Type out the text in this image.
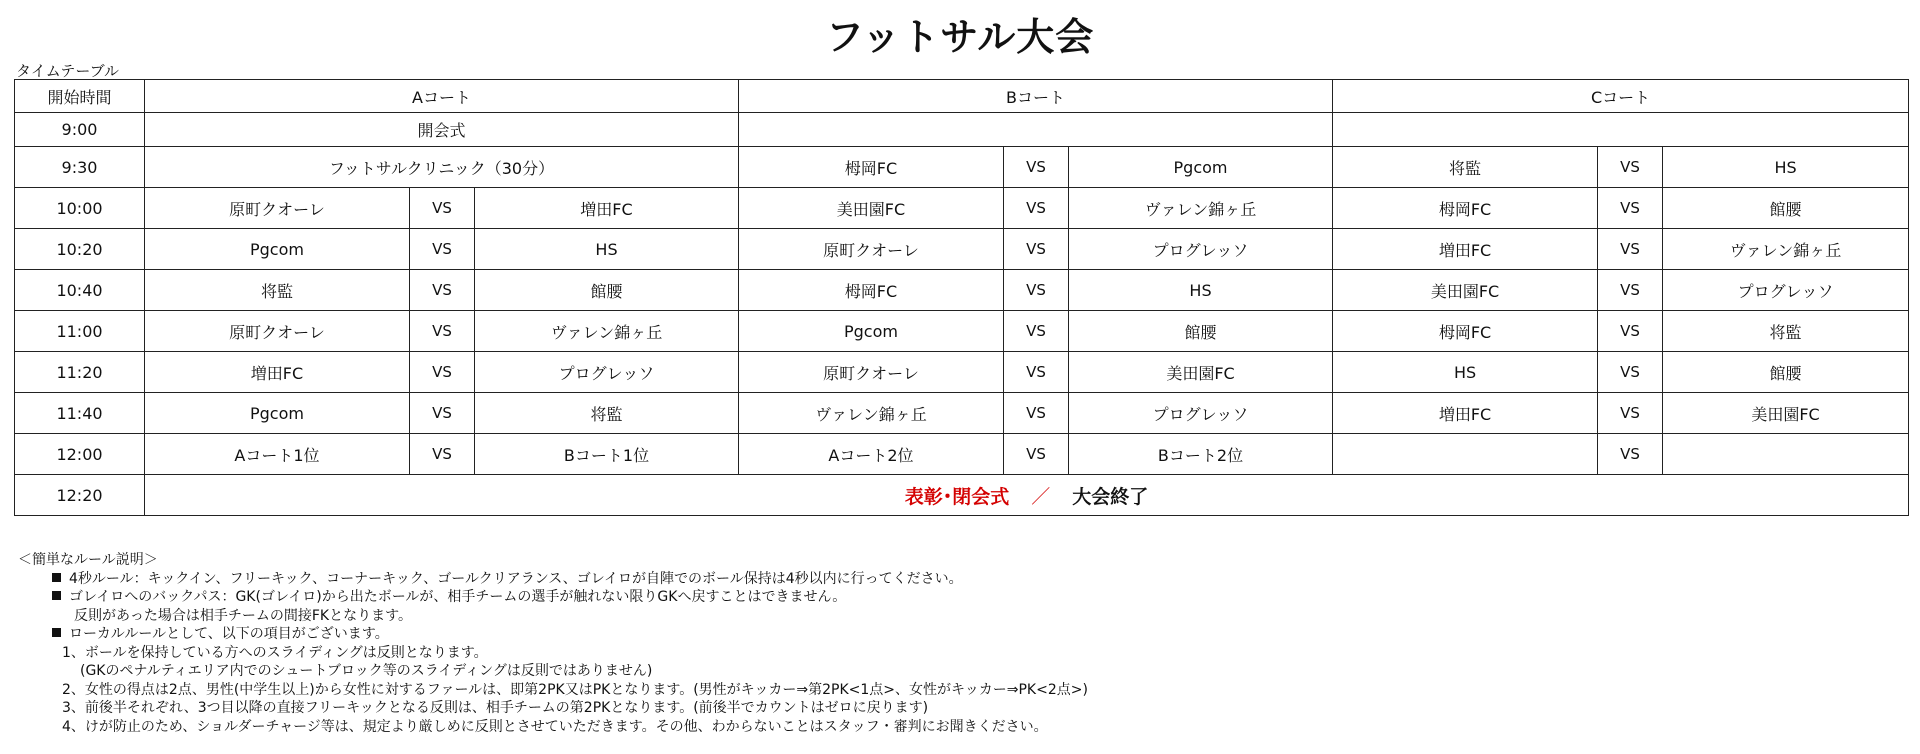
フットサル大会
タイムテーブル
開始時間	Aコート			Bコート			Cコート		
9:00	開会式								
9:30	フットサルクリニック（30分）			栂岡FC	VS	Pgcom	将監	VS	HS
10:00	原町クオーレ	VS	増田FC	美田園FC	VS	ヴァレン錦ヶ丘	栂岡FC	VS	館腰
10:20	Pgcom	VS	HS	原町クオーレ	VS	プログレッソ	増田FC	VS	ヴァレン錦ヶ丘
10:40	将監	VS	館腰	栂岡FC	VS	HS	美田園FC	VS	プログレッソ
11:00	原町クオーレ	VS	ヴァレン錦ヶ丘	Pgcom	VS	館腰	栂岡FC	VS	将監
11:20	増田FC	VS	プログレッソ	原町クオーレ	VS	美田園FC	HS	VS	館腰
11:40	Pgcom	VS	将監	ヴァレン錦ヶ丘	VS	プログレッソ	増田FC	VS	美田園FC
12:00	Aコート1位	VS	Bコート1位	Aコート2位	VS	Bコート2位		VS	
12:20	表彰･閉会式 ／ 大会終了								
＜簡単なルール説明＞
4秒ルール：キックイン、フリーキック、コーナーキック、ゴールクリアランス、ゴレイロが自陣でのボール保持は4秒以内に行ってください。
ゴレイロへのバックパス：GK(ゴレイロ)から出たボールが、相手チームの選手が触れない限りGKへ戻すことはできません。
反則があった場合は相手チームの間接FKとなります。
ローカルルールとして、以下の項目がございます。
1、ボールを保持している方へのスライディングは反則となります。
(GKのペナルティエリア内でのシュートブロック等のスライディングは反則ではありません)
2、女性の得点は2点、男性(中学生以上)から女性に対するファールは、即第2PK又はPKとなります。(男性がキッカー⇒第2PK<1点>、女性がキッカー⇒PK<2点>)
3、前後半それぞれ、3つ目以降の直接フリーキックとなる反則は、相手チームの第2PKとなります。(前後半でカウントはゼロに戻ります)
4、けが防止のため、ショルダーチャージ等は、規定より厳しめに反則とさせていただきます。その他、わからないことはスタッフ・審判にお聞きください。
